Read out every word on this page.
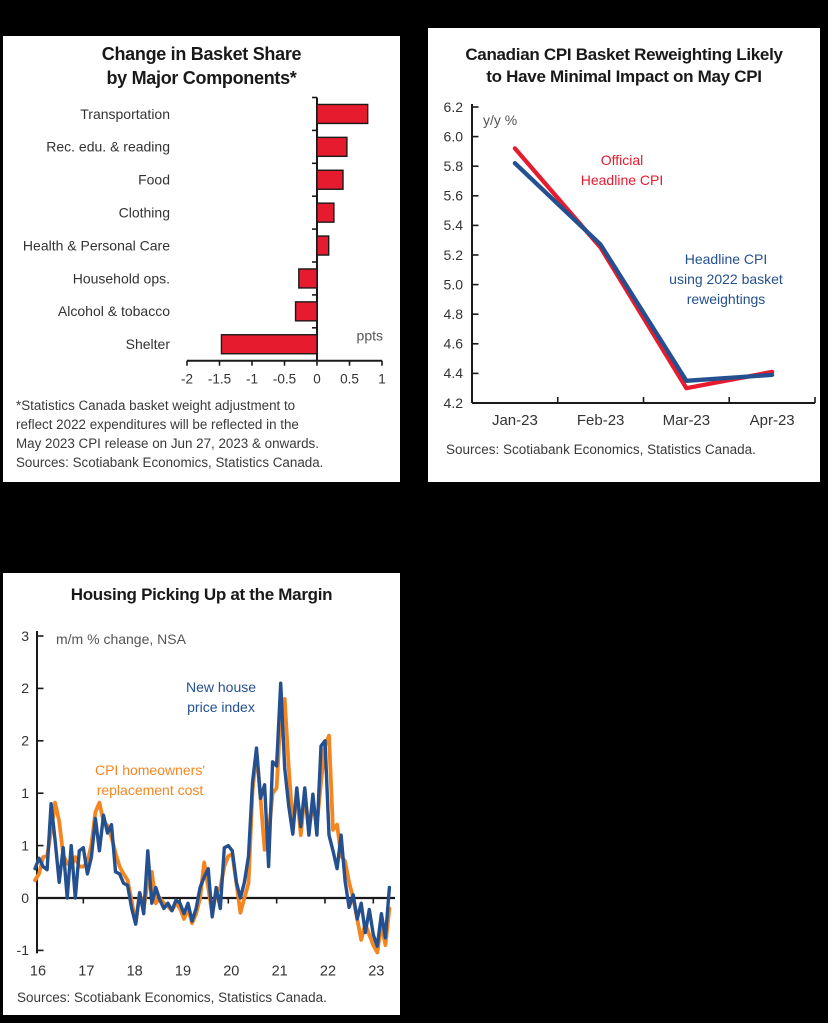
Transportation
Rec. edu. & reading
Food
Clothing
Health & Personal Care
Household ops.
Alcohol & tobacco
Shelter
-2 -1.5 -1 -0.5 0 0.5 1
ppts
Change in Basket Share
by Major Components*
*Statistics Canada basket weight adjustment to
reflect 2022 expenditures will be reflected in the
May 2023 CPI release on Jun 27, 2023 & onwards.
Sources: Scotiabank Economics, Statistics Canada.
6.2
6.0
5.8
5.6
5.4
5.2
5.0
4.8
4.6
4.4
4.2
Jan-23	Feb-23	Mar-23	Apr-23
Canadian CPI Basket Reweighting Likely
to Have Minimal Impact on May CPI
y/y %
Official
Headline CPI
Headline CPI
using 2022 basket
reweightings
Sources: Scotiabank Economics, Statistics Canada.
3
2
2
1
1
0
-1
16 17 18 19 20 21 22 23
Housing Picking Up at the Margin
m/m % change, NSA
New house
price index
CPI homeowners'
replacement cost
Sources: Scotiabank Economics, Statistics Canada.
